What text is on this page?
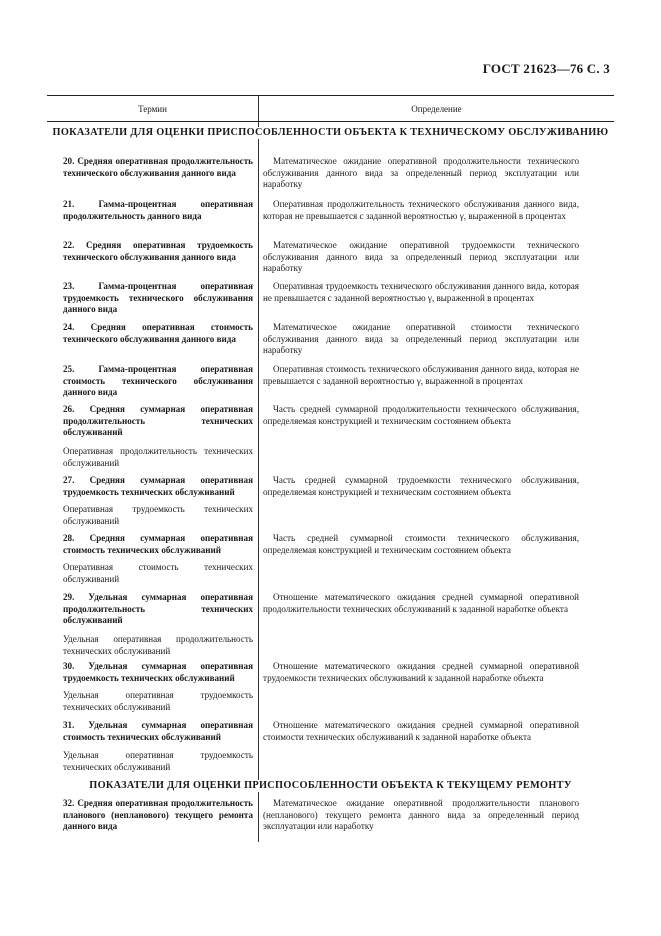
ГОСТ 21623—76 С. 3
Термин	Определение
ПОКАЗАТЕЛИ ДЛЯ ОЦЕНКИ ПРИСПОСОБЛЕННОСТИ ОБЪЕКТА К ТЕХНИЧЕСКОМУ ОБСЛУЖИВАНИЮ
20. Средняя оперативная продолжительность технического обслуживания данного вида
Математическое ожидание оперативной продолжительности технического обслуживания данного вида за определенный период эксплуатации или наработку
21. Гамма-процентная оперативная продолжительность данного вида
Оперативная продолжительность технического обслуживания данного вида, которая не превышается с заданной вероятностью γ, выраженной в процентах
22. Средняя оперативная трудоемкость технического обслуживания данного вида
Математическое ожидание оперативной трудоемкости технического обслуживания данного вида за определенный период эксплуатации или наработку
23. Гамма-процентная оперативная трудоемкость технического обслуживания данного вида
Оперативная трудоемкость технического обслуживания данного вида, которая не превышается с заданной вероятностью γ, выраженной в процентах
24. Средняя оперативная стоимость технического обслуживания данного вида
Математическое ожидание оперативной стоимости технического обслуживания данного вида за определенный период эксплуатации или наработку
25. Гамма-процентная оперативная стоимость технического обслуживания данного вида
Оперативная стоимость технического обслуживания данного вида, которая не превышается с заданной вероятностью γ, выраженной в процентах
26. Средняя суммарная оперативная продолжительность технических обслуживаний
Часть средней суммарной продолжительности технического обслуживания, определяемая конструкцией и техническим состоянием объекта
Оперативная продолжительность технических обслуживаний
27. Средняя суммарная оперативная трудоемкость технических обслуживаний
Часть средней суммарной трудоемкости технического обслуживания, определяемая конструкцией и техническим состоянием объекта
Оперативная трудоемкость технических обслуживаний
28. Средняя суммарная оперативная стоимость технических обслуживаний
Часть средней суммарной стоимости технического обслуживания, определяемая конструкцией и техническим состоянием объекта
Оперативная стоимость технических обслуживаний
29. Удельная суммарная оперативная продолжительность технических обслуживаний
Отношение математического ожидания средней суммарной оперативной продолжительности технических обслуживаний к заданной наработке объекта
Удельная оперативная продолжительность технических обслуживаний
30. Удельная суммарная оперативная трудоемкость технических обслуживаний
Отношение математического ожидания средней суммарной оперативной трудоемкости технических обслуживаний к заданной наработке объекта
Удельная оперативная трудоемкость технических обслуживаний
31. Удельная суммарная оперативная стоимость технических обслуживаний
Отношение математического ожидания средней суммарной оперативной стоимости технических обслуживаний к заданной наработке объекта
Удельная оперативная трудоемкость технических обслуживаний
ПОКАЗАТЕЛИ ДЛЯ ОЦЕНКИ ПРИСПОСОБЛЕННОСТИ ОБЪЕКТА К ТЕКУЩЕМУ РЕМОНТУ
32. Средняя оперативная продолжительность планового (непланового) текущего ремонта данного вида
Математическое ожидание оперативной продолжительности планового (непланового) текущего ремонта данного вида за определенный период эксплуатации или наработку
